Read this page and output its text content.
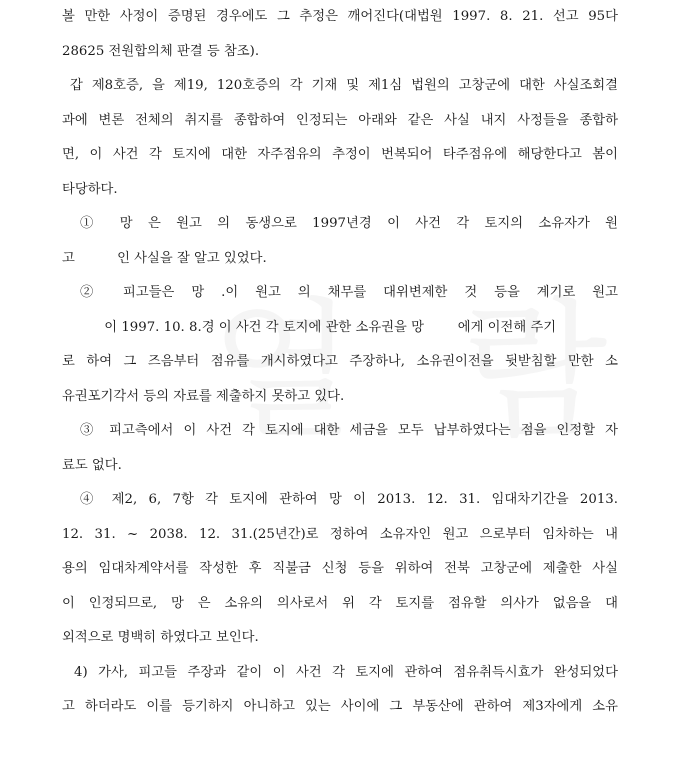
볼 만한 사정이 증명된 경우에도 그 추정은 깨어진다(대법원 1997. 8. 21. 선고 95다
28625 전원합의체 판결 등 참조).
갑 제8호증, 을 제19, 120호증의 각 기재 및 제1심 법원의 고창군에 대한 사실조회결
과에 변론 전체의 취지를 종합하여 인정되는 아래와 같은 사실 내지 사정들을 종합하
면, 이 사건 각 토지에 대한 자주점유의 추정이 번복되어 타주점유에 해당한다고 봄이
타당하다.
① 망 은 원고 의 동생으로 1997년경 이 사건 각 토지의 소유자가 원
고          인 사실을 잘 알고 있었다.
② 피고들은 망 .이 원고 의 채무를 대위변제한 것 등을 계기로 원고
이 1997. 10. 8.경 이 사건 각 토지에 관한 소유권을 망        에게 이전해 주기
로 하여 그 즈음부터 점유를 개시하였다고 주장하나, 소유권이전을 뒷받침할 만한 소
유권포기각서 등의 자료를 제출하지 못하고 있다.
③ 피고측에서 이 사건 각 토지에 대한 세금을 모두 납부하였다는 점을 인정할 자
료도 없다.
④ 제2, 6, 7항 각 토지에 관하여 망 이 2013. 12. 31. 임대차기간을 2013.
12. 31. ~ 2038. 12. 31.(25년간)로 정하여 소유자인 원고 으로부터 임차하는 내
용의 임대차계약서를 작성한 후 직불금 신청 등을 위하여 전북 고창군에 제출한 사실
이 인정되므로, 망 은 소유의 의사로서 위 각 토지를 점유할 의사가 없음을 대
외적으로 명백히 하였다고 보인다.
4) 가사, 피고들 주장과 같이 이 사건 각 토지에 관하여 점유취득시효가 완성되었다
고 하더라도 이를 등기하지 아니하고 있는 사이에 그 부동산에 관하여 제3자에게 소유
